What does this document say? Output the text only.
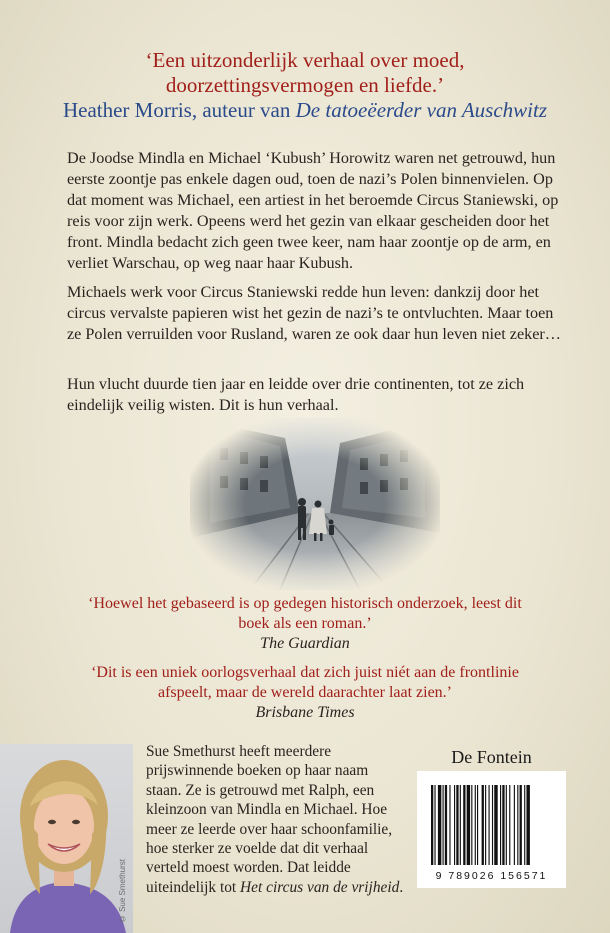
‘Een uitzonderlijk verhaal over moed,
doorzettingsvermogen en liefde.’
Heather Morris, auteur van De tatoeëerder van Auschwitz

De Joodse Mindla en Michael ‘Kubush’ Horowitz waren net getrouwd, hun eerste zoontje pas enkele dagen oud, toen de nazi’s Polen binnenvielen. Op dat moment was Michael, een artiest in het beroemde Circus Staniewski, op reis voor zijn werk. Opeens werd het gezin van elkaar gescheiden door het front. Mindla bedacht zich geen twee keer, nam haar zoontje op de arm, en verliet Warschau, op weg naar haar Kubush.

Michaels werk voor Circus Staniewski redde hun leven: dankzij door het circus vervalste papieren wist het gezin de nazi’s te ontvluchten. Maar toen ze Polen verruilden voor Rusland, waren ze ook daar hun leven niet zeker…

Hun vlucht duurde tien jaar en leidde over drie continenten, tot ze zich eindelijk veilig wisten. Dit is hun verhaal.

‘Hoewel het gebaseerd is op gedegen historisch onderzoek, leest dit boek als een roman.’
The Guardian
‘Dit is een uniek oorlogsverhaal dat zich juist niét aan de frontlinie afspeelt, maar de wereld daarachter laat zien.’
Brisbane Times
© Sue Smethurst
Sue Smethurst heeft meerdere prijswinnende boeken op haar naam staan. Ze is getrouwd met Ralph, een kleinzoon van Mindla en Michael. Hoe meer ze leerde over haar schoonfamilie, hoe sterker ze voelde dat dit verhaal verteld moest worden. Dat leidde uiteindelijk tot Het circus van de vrijheid.
De Fontein
9 789026 156571
